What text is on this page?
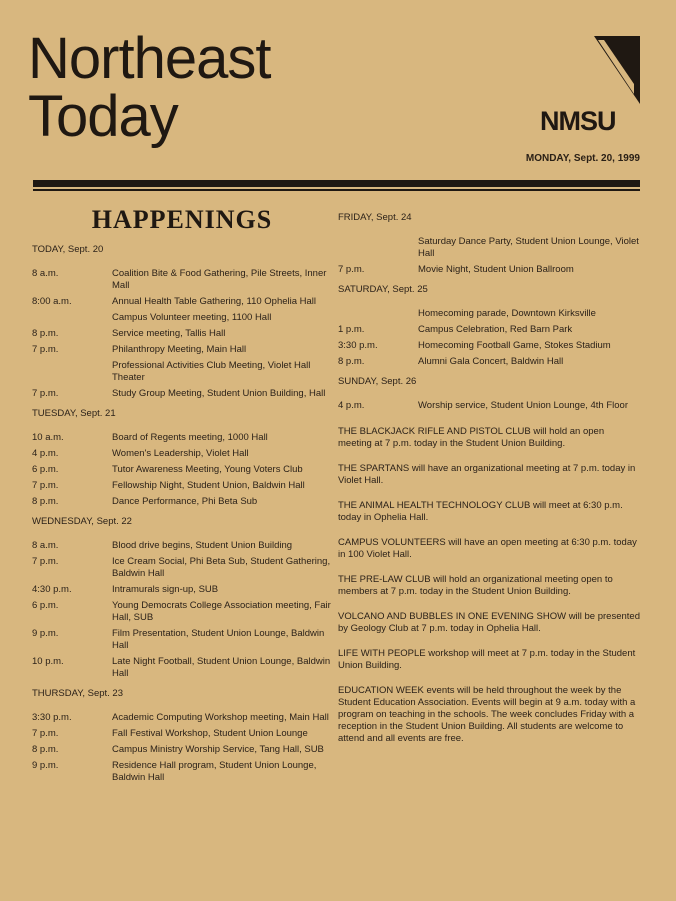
Northeast
Today	NMSU
MONDAY, Sept. 20, 1999
HAPPENINGS
TODAY, Sept. 20
8 a.m.	Coalition Bite & Food Gathering, Pile Streets, Inner Mall
8:00 a.m.	Annual Health Table Gathering, 110 Ophelia Hall
Campus Volunteer meeting, 1100 Hall
8 p.m.	Service meeting, Tallis Hall
7 p.m.	Philanthropy Meeting, Main Hall
Professional Activities Club Meeting, Violet Hall Theater
7 p.m.	Study Group Meeting, Student Union Building, Hall
TUESDAY, Sept. 21
10 a.m.	Board of Regents meeting, 1000 Hall
4 p.m.	Women's Leadership, Violet Hall
6 p.m.	Tutor Awareness Meeting, Young Voters Club
7 p.m.	Fellowship Night, Student Union, Baldwin Hall
8 p.m.	Dance Performance, Phi Beta Sub
WEDNESDAY, Sept. 22
8 a.m.	Blood drive begins, Student Union Building
7 p.m.	Ice Cream Social, Phi Beta Sub, Student Gathering, Baldwin Hall
4:30 p.m.	Intramurals sign-up, SUB
6 p.m.	Young Democrats College Association meeting, Fair Hall, SUB
9 p.m.	Film Presentation, Student Union Lounge, Baldwin Hall
10 p.m.	Late Night Football, Student Union Lounge, Baldwin Hall
THURSDAY, Sept. 23
3:30 p.m.	Academic Computing Workshop meeting, Main Hall
7 p.m.	Fall Festival Workshop, Student Union Lounge
8 p.m.	Campus Ministry Worship Service, Tang Hall, SUB
9 p.m.	Residence Hall program, Student Union Lounge, Baldwin Hall
FRIDAY, Sept. 24
Saturday Dance Party, Student Union Lounge, Violet Hall
7 p.m.	Movie Night, Student Union Ballroom
SATURDAY, Sept. 25
Homecoming parade, Downtown Kirksville
1 p.m.	Campus Celebration, Red Barn Park
3:30 p.m.	Homecoming Football Game, Stokes Stadium
8 p.m.	Alumni Gala Concert, Baldwin Hall
SUNDAY, Sept. 26
4 p.m.	Worship service, Student Union Lounge, 4th Floor
THE BLACKJACK RIFLE AND PISTOL CLUB will hold an open meeting at 7 p.m. today in the Student Union Building.
THE SPARTANS will have an organizational meeting at 7 p.m. today in Violet Hall.
THE ANIMAL HEALTH TECHNOLOGY CLUB will meet at 6:30 p.m. today in Ophelia Hall.
CAMPUS VOLUNTEERS will have an open meeting at 6:30 p.m. today in 100 Violet Hall.
THE PRE-LAW CLUB will hold an organizational meeting open to members at 7 p.m. today in the Student Union Building.
VOLCANO AND BUBBLES IN ONE EVENING SHOW will be presented by Geology Club at 7 p.m. today in Ophelia Hall.
LIFE WITH PEOPLE workshop will meet at 7 p.m. today in the Student Union Building.
EDUCATION WEEK events will be held throughout the week by the Student Education Association. Events will begin at 9 a.m. today with a program on teaching in the schools. The week concludes Friday with a reception in the Student Union Building. All students are welcome to attend and all events are free.
